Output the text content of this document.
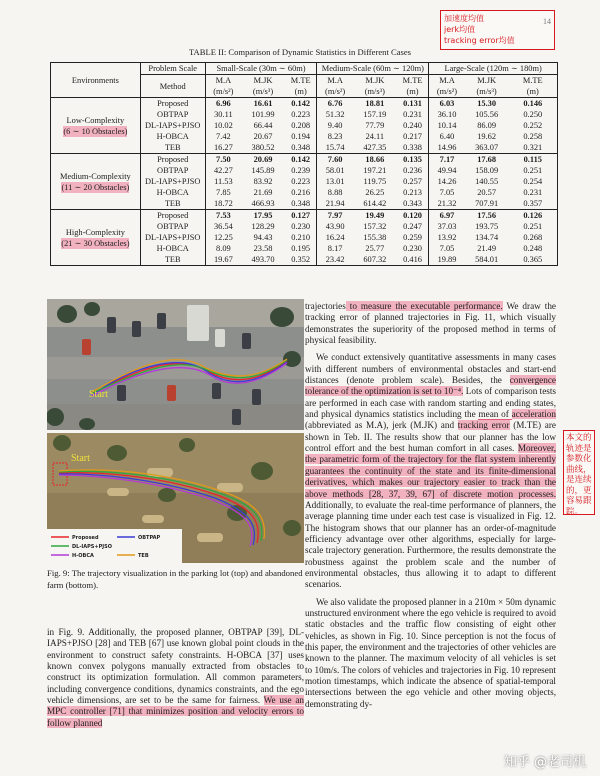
14
加速度均值
jerk均值
tracking error均值
本文的轨迹是参数化曲线，是连续的，更容易跟踪。
TABLE II: Comparison of Dynamic Statistics in Different Cases
Environments	Problem Scale	Small-Scale (30m ∼ 60m)			Medium-Scale (60m ∼ 120m)			Large-Scale (120m ∼ 180m)		
	Method	M.A	M.JK	M.TE	M.A	M.JK	M.TE	M.A	M.JK	M.TE
		(m/s²)	(m/s³)	(m)	(m/s²)	(m/s³)	(m)	(m/s²)	(m/s³)	(m)

Low-Complexity
(6 ∼ 10 Obstacles)	Proposed	6.96	16.61	0.142	6.76	18.81	0.131	6.03	15.30	0.146
	OBTPAP	30.11	101.99	0.223	51.32	157.19	0.231	36.10	105.56	0.250
	DL-IAPS+PJSO	10.02	66.44	0.208	9.40	77.79	0.240	10.14	86.09	0.252
	H-OBCA	7.42	20.67	0.194	8.23	24.11	0.217	6.40	19.62	0.258
	TEB	16.27	380.52	0.348	15.74	427.35	0.338	14.96	363.07	0.321

Medium-Complexity
(11 ∼ 20 Obstacles)	Proposed	7.50	20.69	0.142	7.60	18.66	0.135	7.17	17.68	0.115
	OBTPAP	42.27	145.89	0.239	58.01	197.21	0.236	49.94	158.09	0.251
	DL-IAPS+PJSO	11.53	83.92	0.223	13.01	119.75	0.257	14.26	140.55	0.254
	H-OBCA	7.85	21.69	0.216	8.88	26.25	0.213	7.05	20.57	0.231
	TEB	18.72	466.93	0.348	21.94	614.42	0.343	21.32	707.91	0.357

High-Complexity
(21 ∼ 30 Obstacles)	Proposed	7.53	17.95	0.127	7.97	19.49	0.120	6.97	17.56	0.126
	OBTPAP	36.54	128.29	0.230	43.90	157.32	0.247	37.03	193.75	0.251
	DL-IAPS+PJSO	12.25	94.43	0.210	16.24	155.38	0.259	13.92	134.74	0.268
	H-OBCA	8.09	23.58	0.195	8.17	25.77	0.230	7.05	21.49	0.248
	TEB	19.67	493.70	0.352	23.42	607.32	0.416	19.89	584.01	0.365
Start
Start
Proposed	OBTPAP
DL-IAPS+PJSO
H-OBCA	TEB
Fig. 9: The trajectory visualization in the parking lot (top) and abandoned farm (bottom).

in Fig. 9. Additionally, the proposed planner, OBTPAP [39], DL-IAPS+PJSO [28] and TEB [67] use known global point clouds in the environment to construct safety constraints. H-OBCA [37] uses known convex polygons manually extracted from obstacles to construct its optimization formulation. All common parameters, including convergence conditions, dynamics constraints, and the ego vehicle dimensions, are set to be the same for fairness. We use an MPC controller [71] that minimizes position and velocity errors to follow planned

trajectories to measure the executable performance. We draw the tracking error of planned trajectories in Fig. 11, which visually demonstrates the superiority of the proposed method in terms of physical feasibility.

We conduct extensively quantitative assessments in many cases with different numbers of environmental obstacles and start-end distances (denote problem scale). Besides, the convergence tolerance of the optimization is set to 10⁻⁴. Lots of comparison tests are performed in each case with random starting and ending states, and physical dynamics statistics including the mean of acceleration (abbreviated as M.A), jerk (M.JK) and tracking error (M.TE) are shown in Teb. II. The results show that our planner has the low control effort and the best human comfort in all cases. Moreover, the parametric form of the trajectory for the flat system inherently guarantees the continuity of the state and its finite-dimensional derivatives, which makes our trajectory easier to track than the above methods [28, 37, 39, 67] of discrete motion processes. Additionally, to evaluate the real-time performance of planners, the average planning time under each test case is visualized in Fig. 12. The histogram shows that our planner has an order-of-magnitude efficiency advantage over other algorithms, especially for large-scale trajectory generation. Furthermore, the results demonstrate the robustness against the problem scale and the number of environmental obstacles, thus allowing it to adapt to different scenarios.

We also validate the proposed planner in a 210m × 50m dynamic unstructured environment where the ego vehicle is required to avoid static obstacles and the traffic flow consisting of eight other vehicles, as shown in Fig. 10. Since perception is not the focus of this paper, the environment and the trajectories of other vehicles are known to the planner. The maximum velocity of all vehicles is set to 10m/s. The colors of vehicles and trajectories in Fig. 10 represent motion timestamps, which indicate the absence of spatial-temporal intersections between the ego vehicle and other moving objects, demonstrating dy-

知乎 @老司机
